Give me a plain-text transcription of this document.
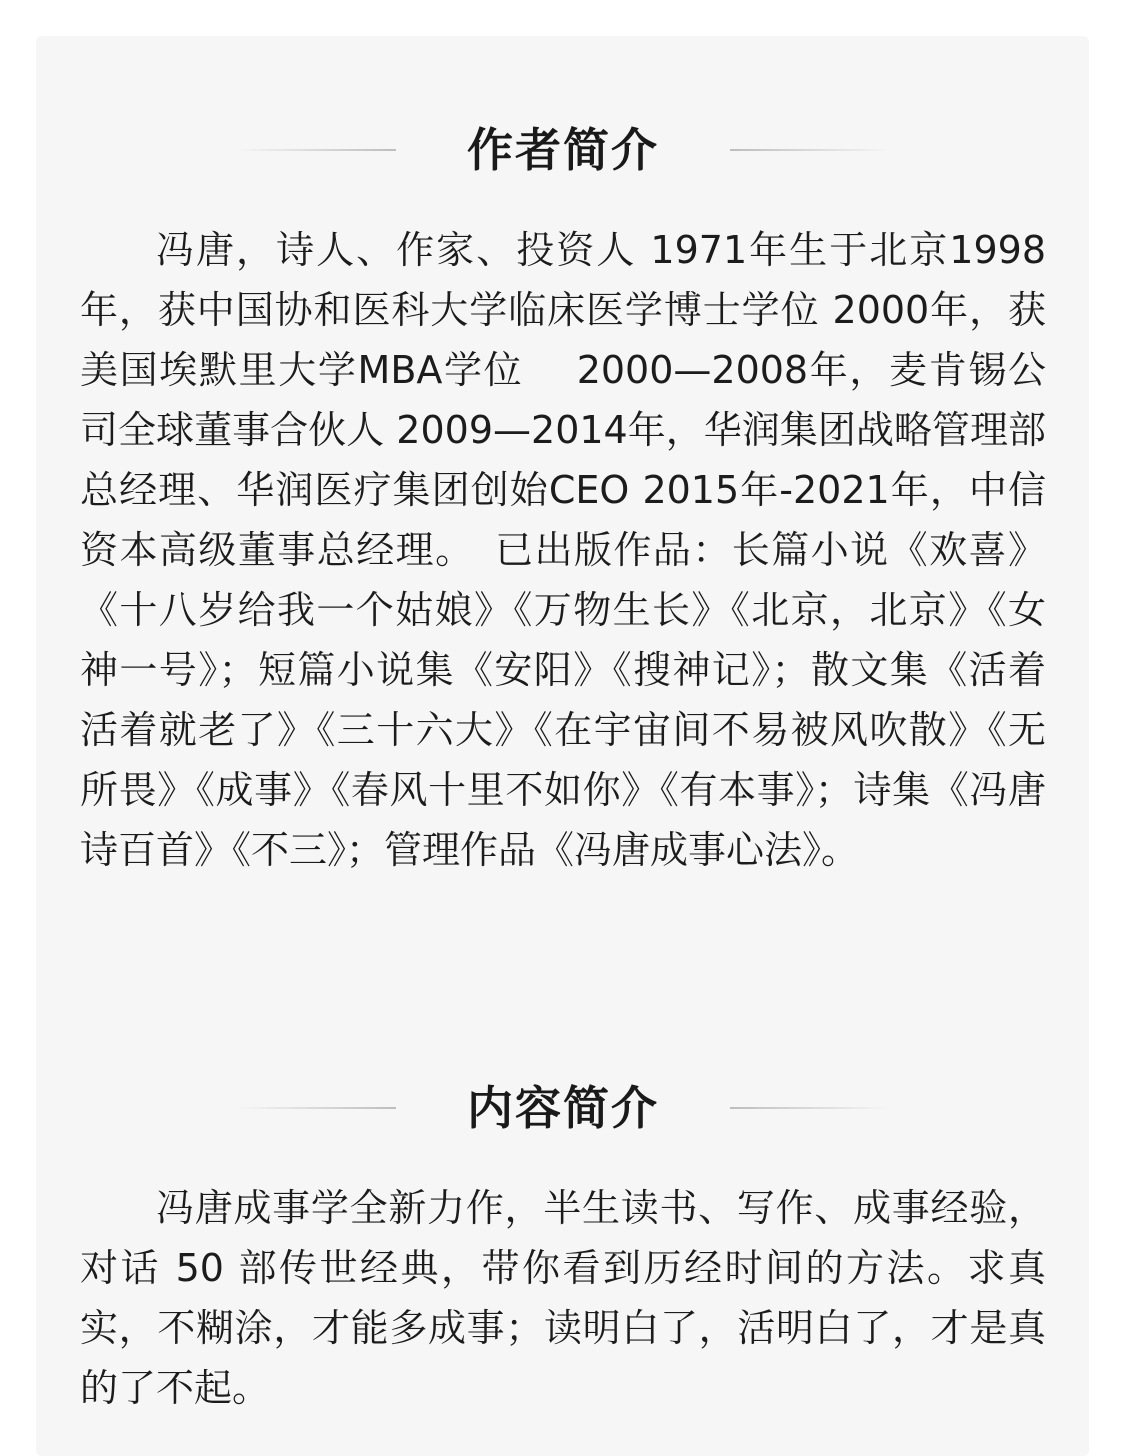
作者简介

冯唐，诗人、作家、投资人 1971年生于北京1998年，获中国协和医科大学临床医学博士学位 2000年，获美国埃默里大学MBA学位　 2000—2008年，麦肯锡公司全球董事合伙人 2009—2014年，华润集团战略管理部总经理、华润医疗集团创始CEO 2015年-2021年，中信资本高级董事总经理。　已出版作品：长篇小说《欢喜》《十八岁给我一个姑娘》《万物生长》《北京，北京》《女神一号》；短篇小说集《安阳》《搜神记》；散文集《活着活着就老了》《三十六大》《在宇宙间不易被风吹散》《无所畏》《成事》《春风十里不如你》《有本事》；诗集《冯唐诗百首》《不三》；管理作品《冯唐成事心法》。

内容简介

冯唐成事学全新力作，半生读书、写作、成事经验，对话 50 部传世经典，带你看到历经时间的方法。求真实，不糊涂，才能多成事；读明白了，活明白了，才是真的了不起。
